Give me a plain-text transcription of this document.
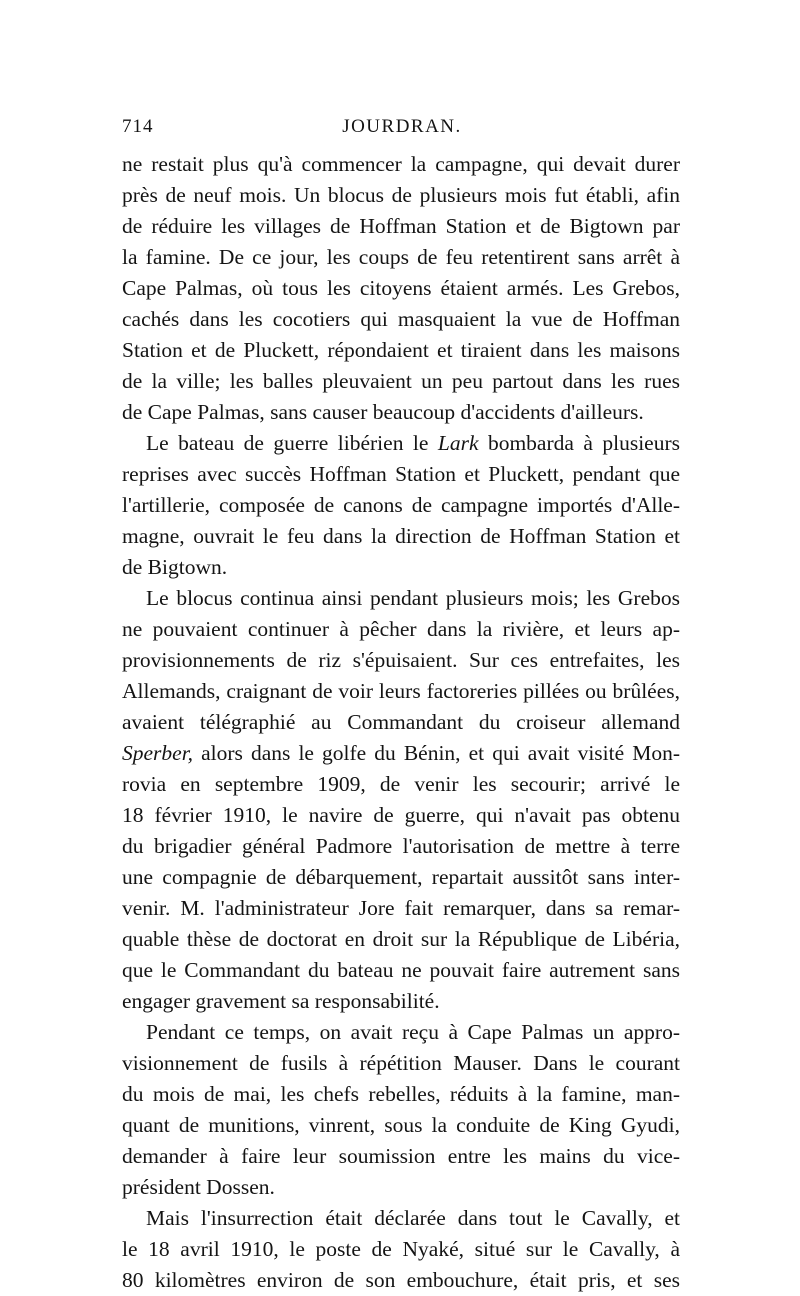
714	JOURDRAN.
ne restait plus qu'à commencer la campagne, qui devait durer
près de neuf mois. Un blocus de plusieurs mois fut établi, afin
de réduire les villages de Hoffman Station et de Bigtown par
la famine. De ce jour, les coups de feu retentirent sans arrêt à
Cape Palmas, où tous les citoyens étaient armés. Les Grebos,
cachés dans les cocotiers qui masquaient la vue de Hoffman
Station et de Pluckett, répondaient et tiraient dans les maisons
de la ville; les balles pleuvaient un peu partout dans les rues
de Cape Palmas, sans causer beaucoup d'accidents d'ailleurs.
Le bateau de guerre libérien le Lark bombarda à plusieurs
reprises avec succès Hoffman Station et Pluckett, pendant que
l'artillerie, composée de canons de campagne importés d'Alle-
magne, ouvrait le feu dans la direction de Hoffman Station et
de Bigtown.
Le blocus continua ainsi pendant plusieurs mois; les Grebos
ne pouvaient continuer à pêcher dans la rivière, et leurs ap-
provisionnements de riz s'épuisaient. Sur ces entrefaites, les
Allemands, craignant de voir leurs factoreries pillées ou brûlées,
avaient télégraphié au Commandant du croiseur allemand
Sperber, alors dans le golfe du Bénin, et qui avait visité Mon-
rovia en septembre 1909, de venir les secourir; arrivé le
18 février 1910, le navire de guerre, qui n'avait pas obtenu
du brigadier général Padmore l'autorisation de mettre à terre
une compagnie de débarquement, repartait aussitôt sans inter-
venir. M. l'administrateur Jore fait remarquer, dans sa remar-
quable thèse de doctorat en droit sur la République de Libéria,
que le Commandant du bateau ne pouvait faire autrement sans
engager gravement sa responsabilité.
Pendant ce temps, on avait reçu à Cape Palmas un appro-
visionnement de fusils à répétition Mauser. Dans le courant
du mois de mai, les chefs rebelles, réduits à la famine, man-
quant de munitions, vinrent, sous la conduite de King Gyudi,
demander à faire leur soumission entre les mains du vice-
président Dossen.
Mais l'insurrection était déclarée dans tout le Cavally, et
le 18 avril 1910, le poste de Nyaké, situé sur le Cavally, à
80 kilomètres environ de son embouchure, était pris, et ses
